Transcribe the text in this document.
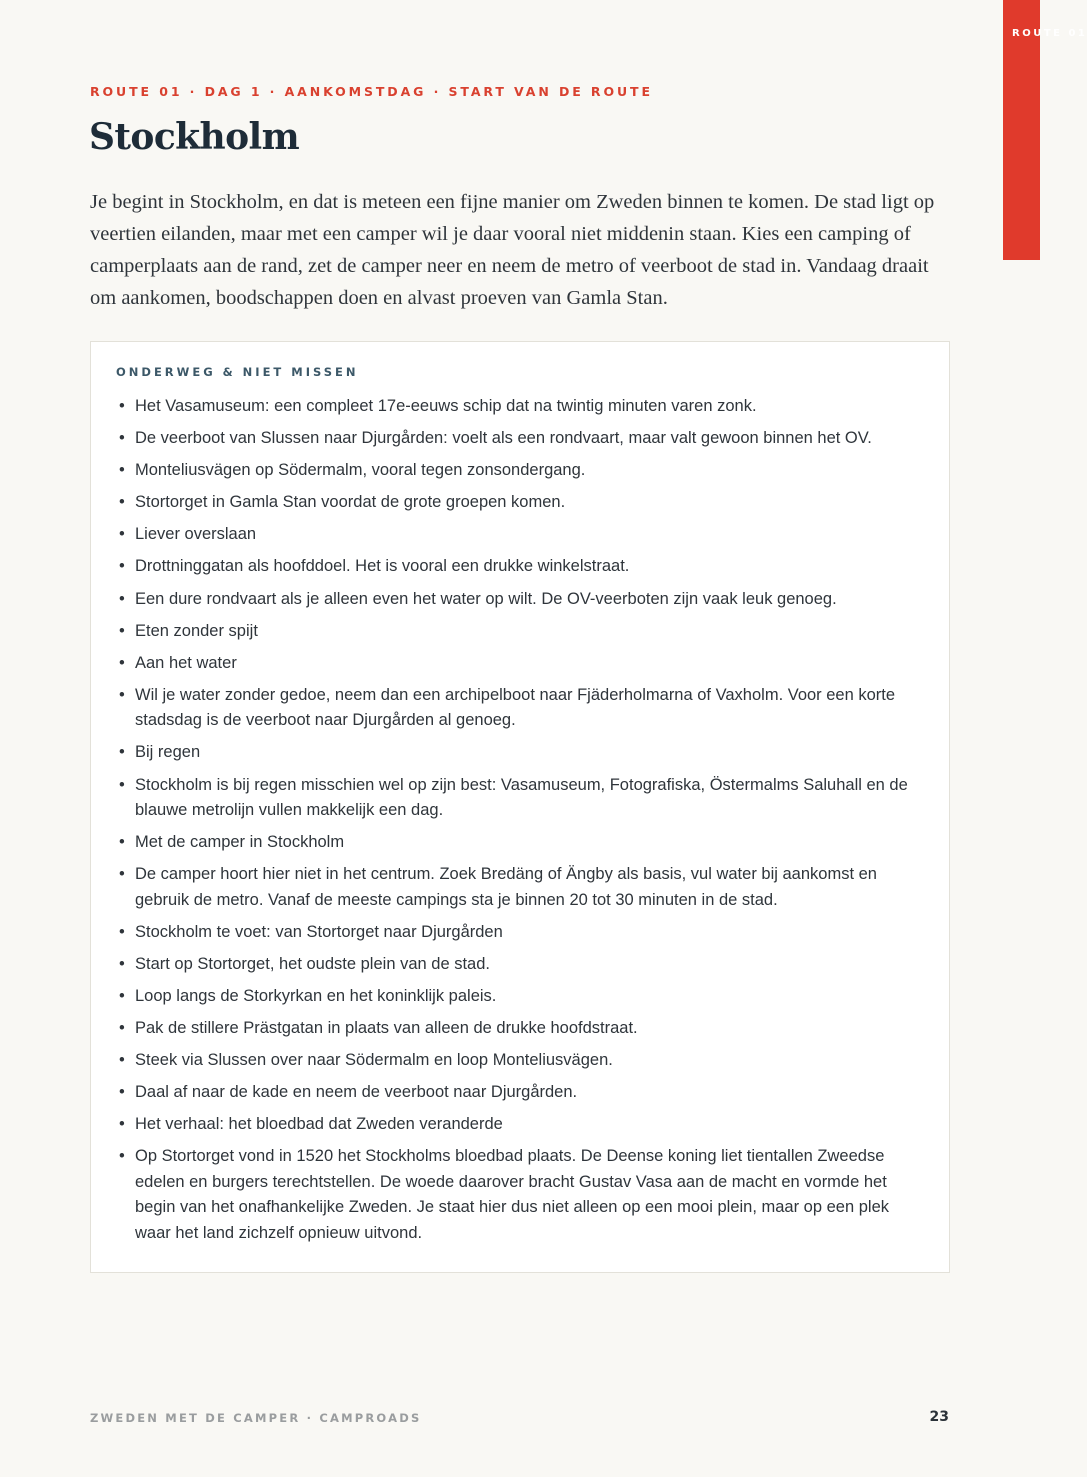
ROUTE 01
ROUTE 01 · DAG 1 · AANKOMSTDAG · START VAN DE ROUTE
Stockholm

Je begint in Stockholm, en dat is meteen een fijne manier om Zweden binnen te komen. De stad ligt op veertien eilanden, maar met een camper wil je daar vooral niet middenin staan. Kies een camping of camperplaats aan de rand, zet de camper neer en neem de metro of veerboot de stad in. Vandaag draait om aankomen, boodschappen doen en alvast proeven van Gamla Stan.

ONDERWEG & NIET MISSEN
• Het Vasamuseum: een compleet 17e-eeuws schip dat na twintig minuten varen zonk.
• De veerboot van Slussen naar Djurgården: voelt als een rondvaart, maar valt gewoon binnen het OV.
• Monteliusvägen op Södermalm, vooral tegen zonsondergang.
• Stortorget in Gamla Stan voordat de grote groepen komen.
• Liever overslaan
• Drottninggatan als hoofddoel. Het is vooral een drukke winkelstraat.
• Een dure rondvaart als je alleen even het water op wilt. De OV-veerboten zijn vaak leuk genoeg.
• Eten zonder spijt
• Aan het water
• Wil je water zonder gedoe, neem dan een archipelboot naar Fjäderholmarna of Vaxholm. Voor een korte stadsdag is de veerboot naar Djurgården al genoeg.
• Bij regen
• Stockholm is bij regen misschien wel op zijn best: Vasamuseum, Fotografiska, Östermalms Saluhall en de blauwe metrolijn vullen makkelijk een dag.
• Met de camper in Stockholm
• De camper hoort hier niet in het centrum. Zoek Bredäng of Ängby als basis, vul water bij aankomst en gebruik de metro. Vanaf de meeste campings sta je binnen 20 tot 30 minuten in de stad.
• Stockholm te voet: van Stortorget naar Djurgården
• Start op Stortorget, het oudste plein van de stad.
• Loop langs de Storkyrkan en het koninklijk paleis.
• Pak de stillere Prästgatan in plaats van alleen de drukke hoofdstraat.
• Steek via Slussen over naar Södermalm en loop Monteliusvägen.
• Daal af naar de kade en neem de veerboot naar Djurgården.
• Het verhaal: het bloedbad dat Zweden veranderde
• Op Stortorget vond in 1520 het Stockholms bloedbad plaats. De Deense koning liet tientallen Zweedse edelen en burgers terechtstellen. De woede daarover bracht Gustav Vasa aan de macht en vormde het begin van het onafhankelijke Zweden. Je staat hier dus niet alleen op een mooi plein, maar op een plek waar het land zichzelf opnieuw uitvond.
ZWEDEN MET DE CAMPER · CAMPROADS	23
